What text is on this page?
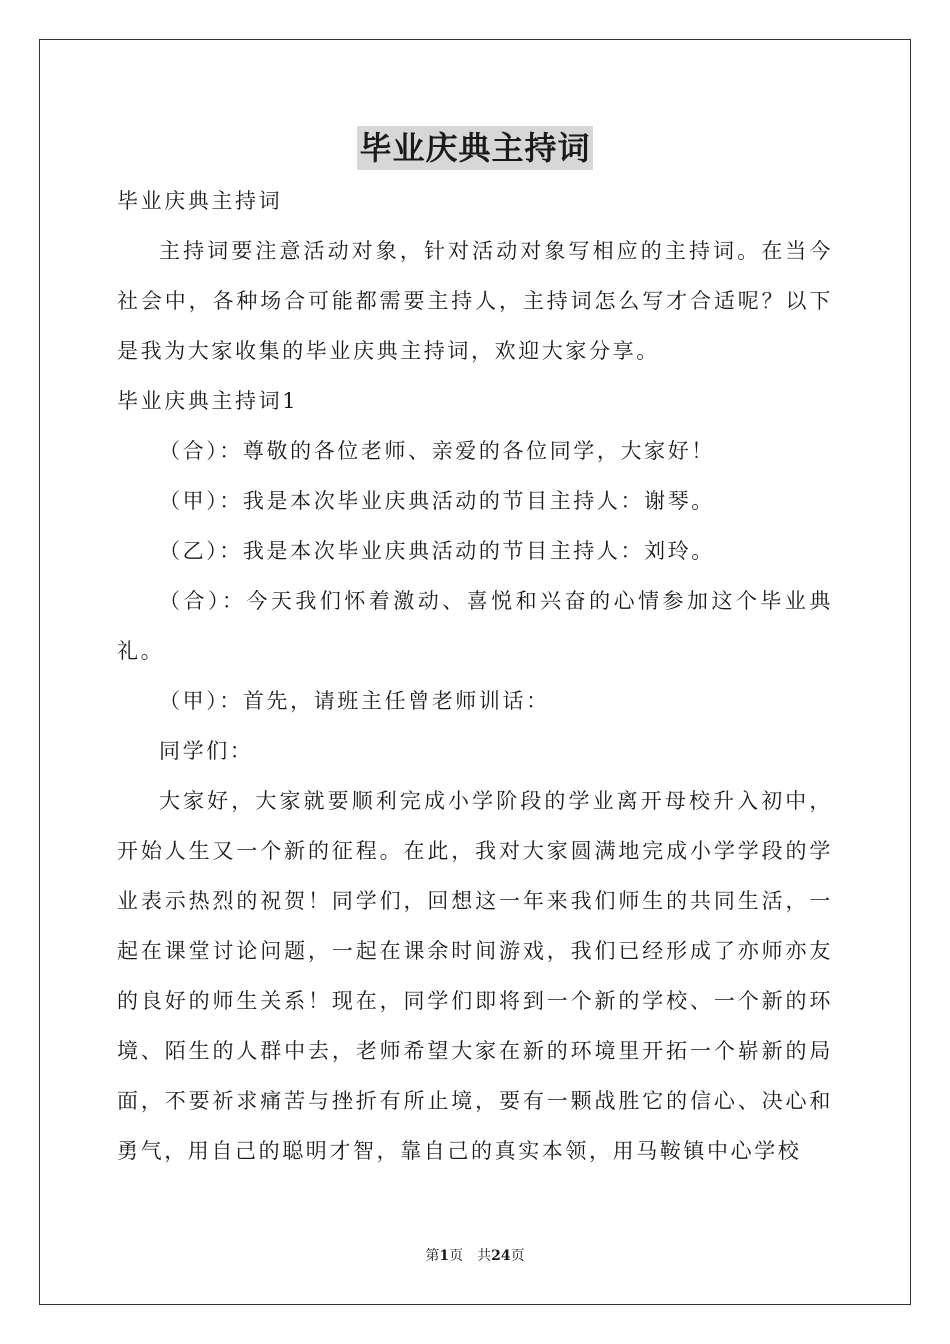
毕业庆典主持词

毕业庆典主持词

主持词要注意活动对象，针对活动对象写相应的主持词。在当今社会中，各种场合可能都需要主持人，主持词怎么写才合适呢？以下是我为大家收集的毕业庆典主持词，欢迎大家分享。

毕业庆典主持词1

（合）：尊敬的各位老师、亲爱的各位同学，大家好！

（甲）：我是本次毕业庆典活动的节目主持人：谢琴。

（乙）：我是本次毕业庆典活动的节目主持人：刘玲。

（合）：今天我们怀着激动、喜悦和兴奋的心情参加这个毕业典礼。

（甲）：首先，请班主任曾老师训话：

同学们：

大家好，大家就要顺利完成小学阶段的学业离开母校升入初中，开始人生又一个新的征程。在此，我对大家圆满地完成小学学段的学业表示热烈的祝贺！同学们，回想这一年来我们师生的共同生活，一起在课堂讨论问题，一起在课余时间游戏，我们已经形成了亦师亦友的良好的师生关系！现在，同学们即将到一个新的学校、一个新的环境、陌生的人群中去，老师希望大家在新的环境里开拓一个崭新的局面，不要祈求痛苦与挫折有所止境，要有一颗战胜它的信心、决心和勇气，用自己的聪明才智，靠自己的真实本领，用马鞍镇中心学校

第1页 共24页
